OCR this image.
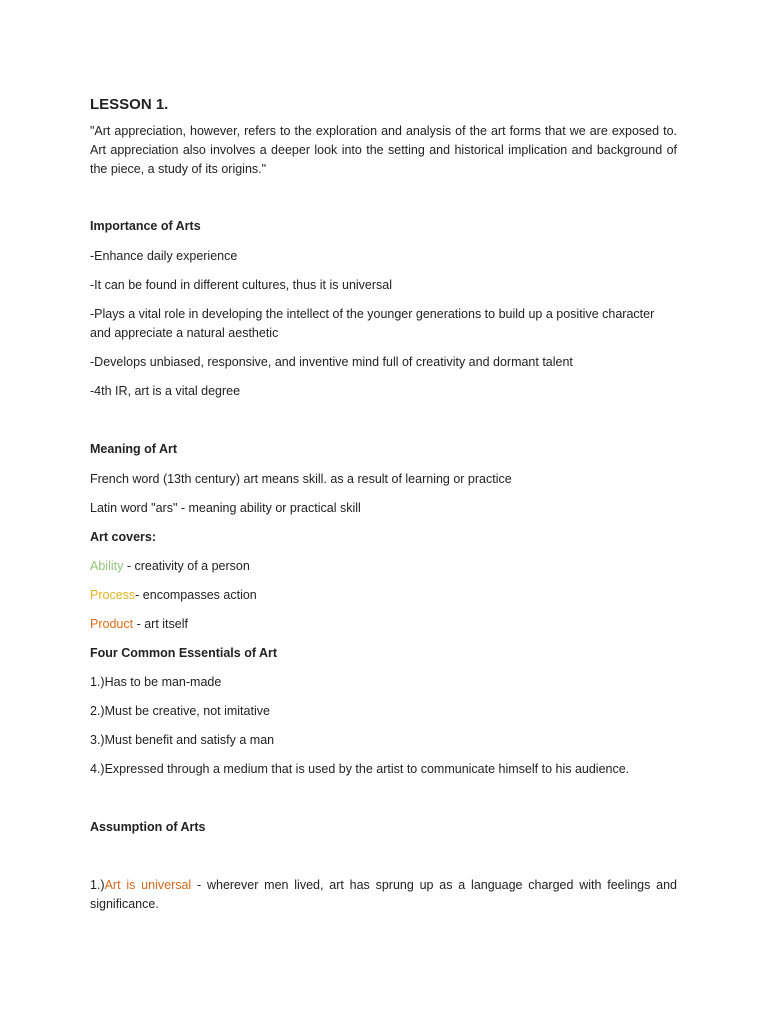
LESSON 1.

"Art appreciation, however, refers to the exploration and analysis of the art forms that we are exposed to. Art appreciation also involves a deeper look into the setting and historical implication and background of the piece, a study of its origins."

Importance of Arts

-Enhance daily experience

-It can be found in different cultures, thus it is universal

-Plays a vital role in developing the intellect of the younger generations to build up a positive character and appreciate a natural aesthetic

-Develops unbiased, responsive, and inventive mind full of creativity and dormant talent

-4th IR, art is a vital degree

Meaning of Art

French word (13th century) art means skill. as a result of learning or practice

Latin word "ars" - meaning ability or practical skill

Art covers:

Ability - creativity of a person

Process- encompasses action

Product - art itself

Four Common Essentials of Art

1.)Has to be man-made

2.)Must be creative, not imitative

3.)Must benefit and satisfy a man

4.)Expressed through a medium that is used by the artist to communicate himself to his audience.

Assumption of Arts

1.)Art is universal - wherever men lived, art has sprung up as a language charged with feelings and significance.
